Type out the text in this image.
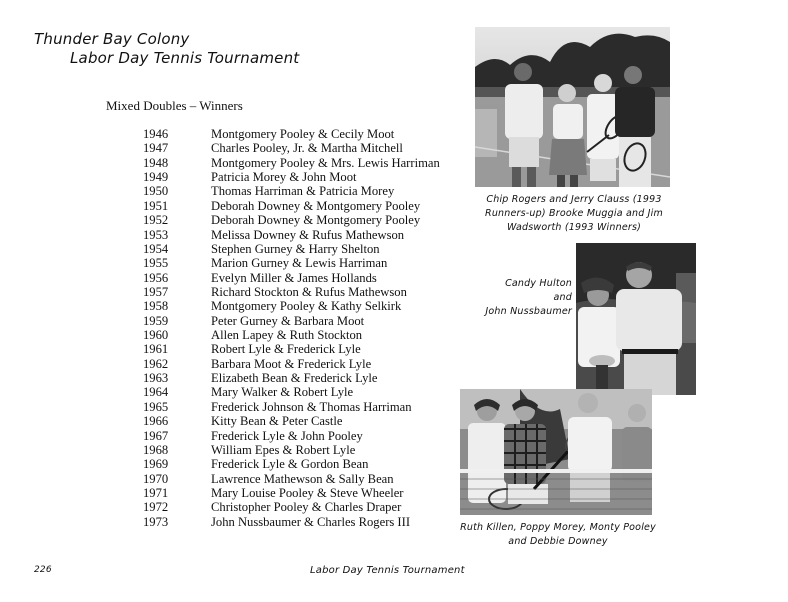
Thunder Bay Colony
Labor Day Tennis Tournament
Mixed Doubles – Winners
1946	Montgomery Pooley & Cecily Moot
1947	Charles Pooley, Jr. & Martha Mitchell
1948	Montgomery Pooley & Mrs. Lewis Harriman
1949	Patricia Morey & John Moot
1950	Thomas Harriman & Patricia Morey
1951	Deborah Downey & Montgomery Pooley
1952	Deborah Downey & Montgomery Pooley
1953	Melissa Downey & Rufus Mathewson
1954	Stephen Gurney & Harry Shelton
1955	Marion Gurney & Lewis Harriman
1956	Evelyn Miller & James Hollands
1957	Richard Stockton & Rufus Mathewson
1958	Montgomery Pooley & Kathy Selkirk
1959	Peter Gurney & Barbara Moot
1960	Allen Lapey & Ruth Stockton
1961	Robert Lyle & Frederick Lyle
1962	Barbara Moot & Frederick Lyle
1963	Elizabeth Bean & Frederick Lyle
1964	Mary Walker & Robert Lyle
1965	Frederick Johnson & Thomas Harriman
1966	Kitty Bean & Peter Castle
1967	Frederick Lyle & John Pooley
1968	William Epes & Robert Lyle
1969	Frederick Lyle & Gordon Bean
1970	Lawrence Mathewson & Sally Bean
1971	Mary Louise Pooley & Steve Wheeler
1972	Christopher Pooley & Charles Draper
1973	John Nussbaumer & Charles Rogers III
Chip Rogers and Jerry Clauss (1993 Runners-up) Brooke Muggia and Jim Wadsworth (1993 Winners)
Candy Hulton
and
John Nussbaumer
Ruth Killen, Poppy Morey, Monty Pooley and Debbie Downey
226	Labor Day Tennis Tournament
